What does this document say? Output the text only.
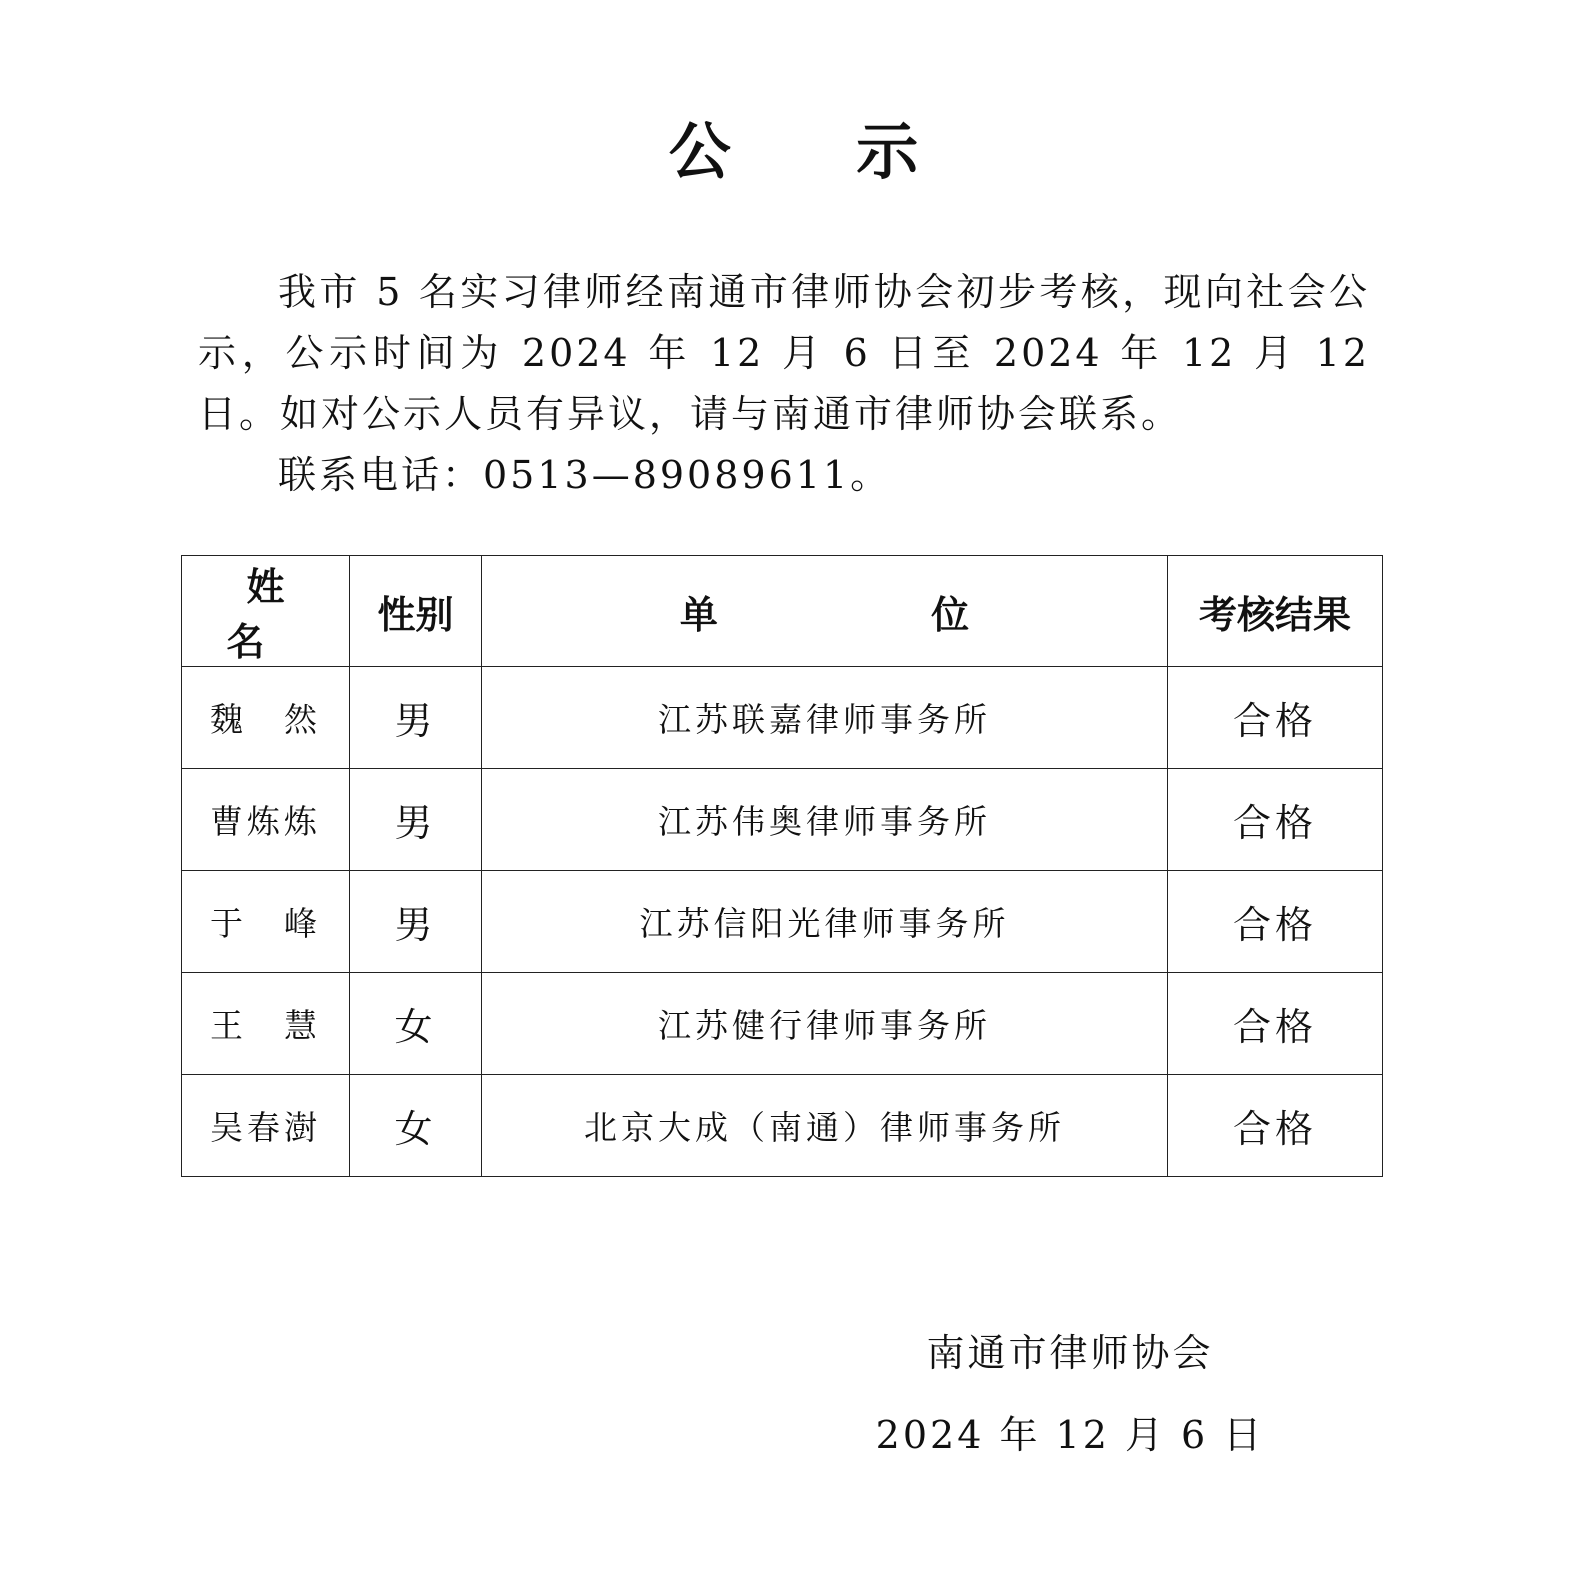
公 示

我市 5 名实习律师经南通市律师协会初步考核，现向社会公示，公示时间为 2024 年 12 月 6 日至 2024 年 12 月 12 日。如对公示人员有异议，请与南通市律师协会联系。

联系电话：0513—89089611。

姓 名	性别	单 位	考核结果
魏　然	男	江苏联嘉律师事务所	合格
曹炼炼	男	江苏伟奥律师事务所	合格
于　峰	男	江苏信阳光律师事务所	合格
王　慧	女	江苏健行律师事务所	合格
吴春澍	女	北京大成（南通）律师事务所	合格
南通市律师协会
2024 年 12 月 6 日
